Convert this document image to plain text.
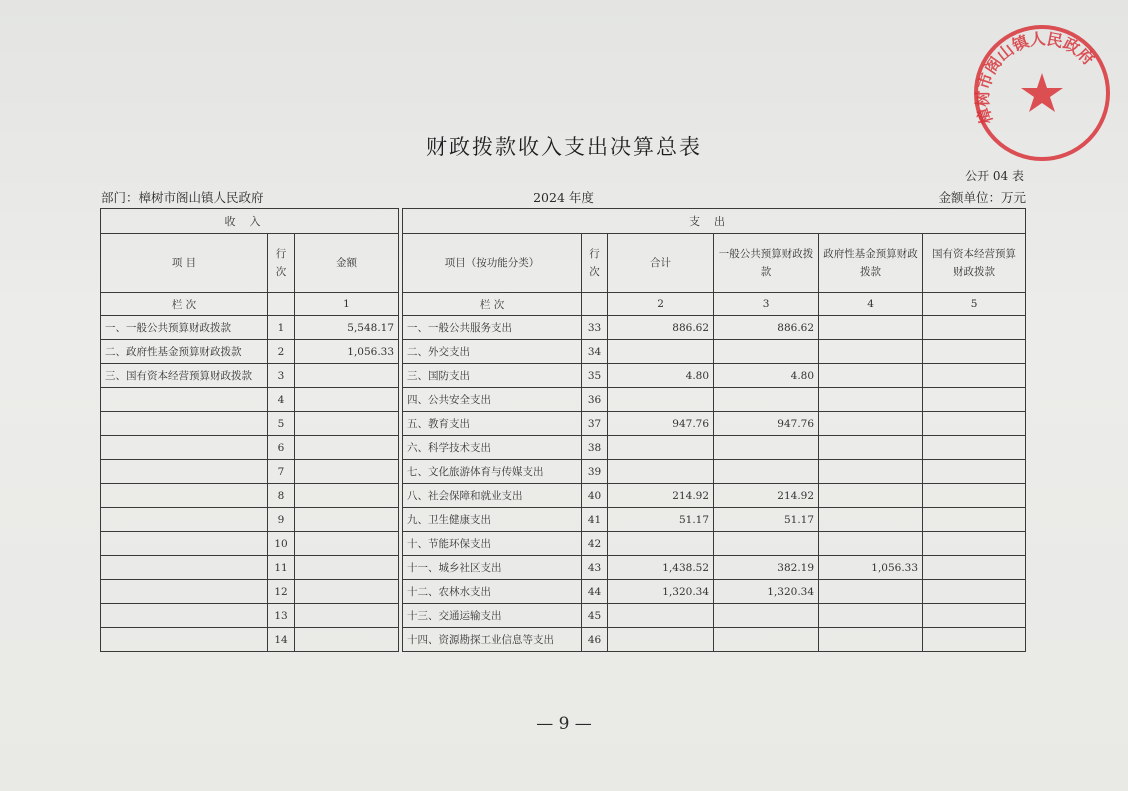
樟树市阁山镇人民政府
财政拨款收入支出决算总表
公开 04 表
部门：樟树市阁山镇人民政府	2024 年度	金额单位：万元
收入				支出					
项 目	行次	金额		项目（按功能分类）	行次	合计	一般公共预算财政拨款	政府性基金预算财政拨款	国有资本经营预算财政拨款
栏 次		1		栏 次		2	3	4	5
一、一般公共预算财政拨款	1	5,548.17		一、一般公共服务支出	33	886.62	886.62		
二、政府性基金预算财政拨款	2	1,056.33		二、外交支出	34				
三、国有资本经营预算财政拨款	3			三、国防支出	35	4.80	4.80		
	4			四、公共安全支出	36				
	5			五、教育支出	37	947.76	947.76		
	6			六、科学技术支出	38				
	7			七、文化旅游体育与传媒支出	39				
	8			八、社会保障和就业支出	40	214.92	214.92		
	9			九、卫生健康支出	41	51.17	51.17		
	10			十、节能环保支出	42				
	11			十一、城乡社区支出	43	1,438.52	382.19	1,056.33	
	12			十二、农林水支出	44	1,320.34	1,320.34		
	13			十三、交通运输支出	45				
	14			十四、资源勘探工业信息等支出	46				
— 9 —
